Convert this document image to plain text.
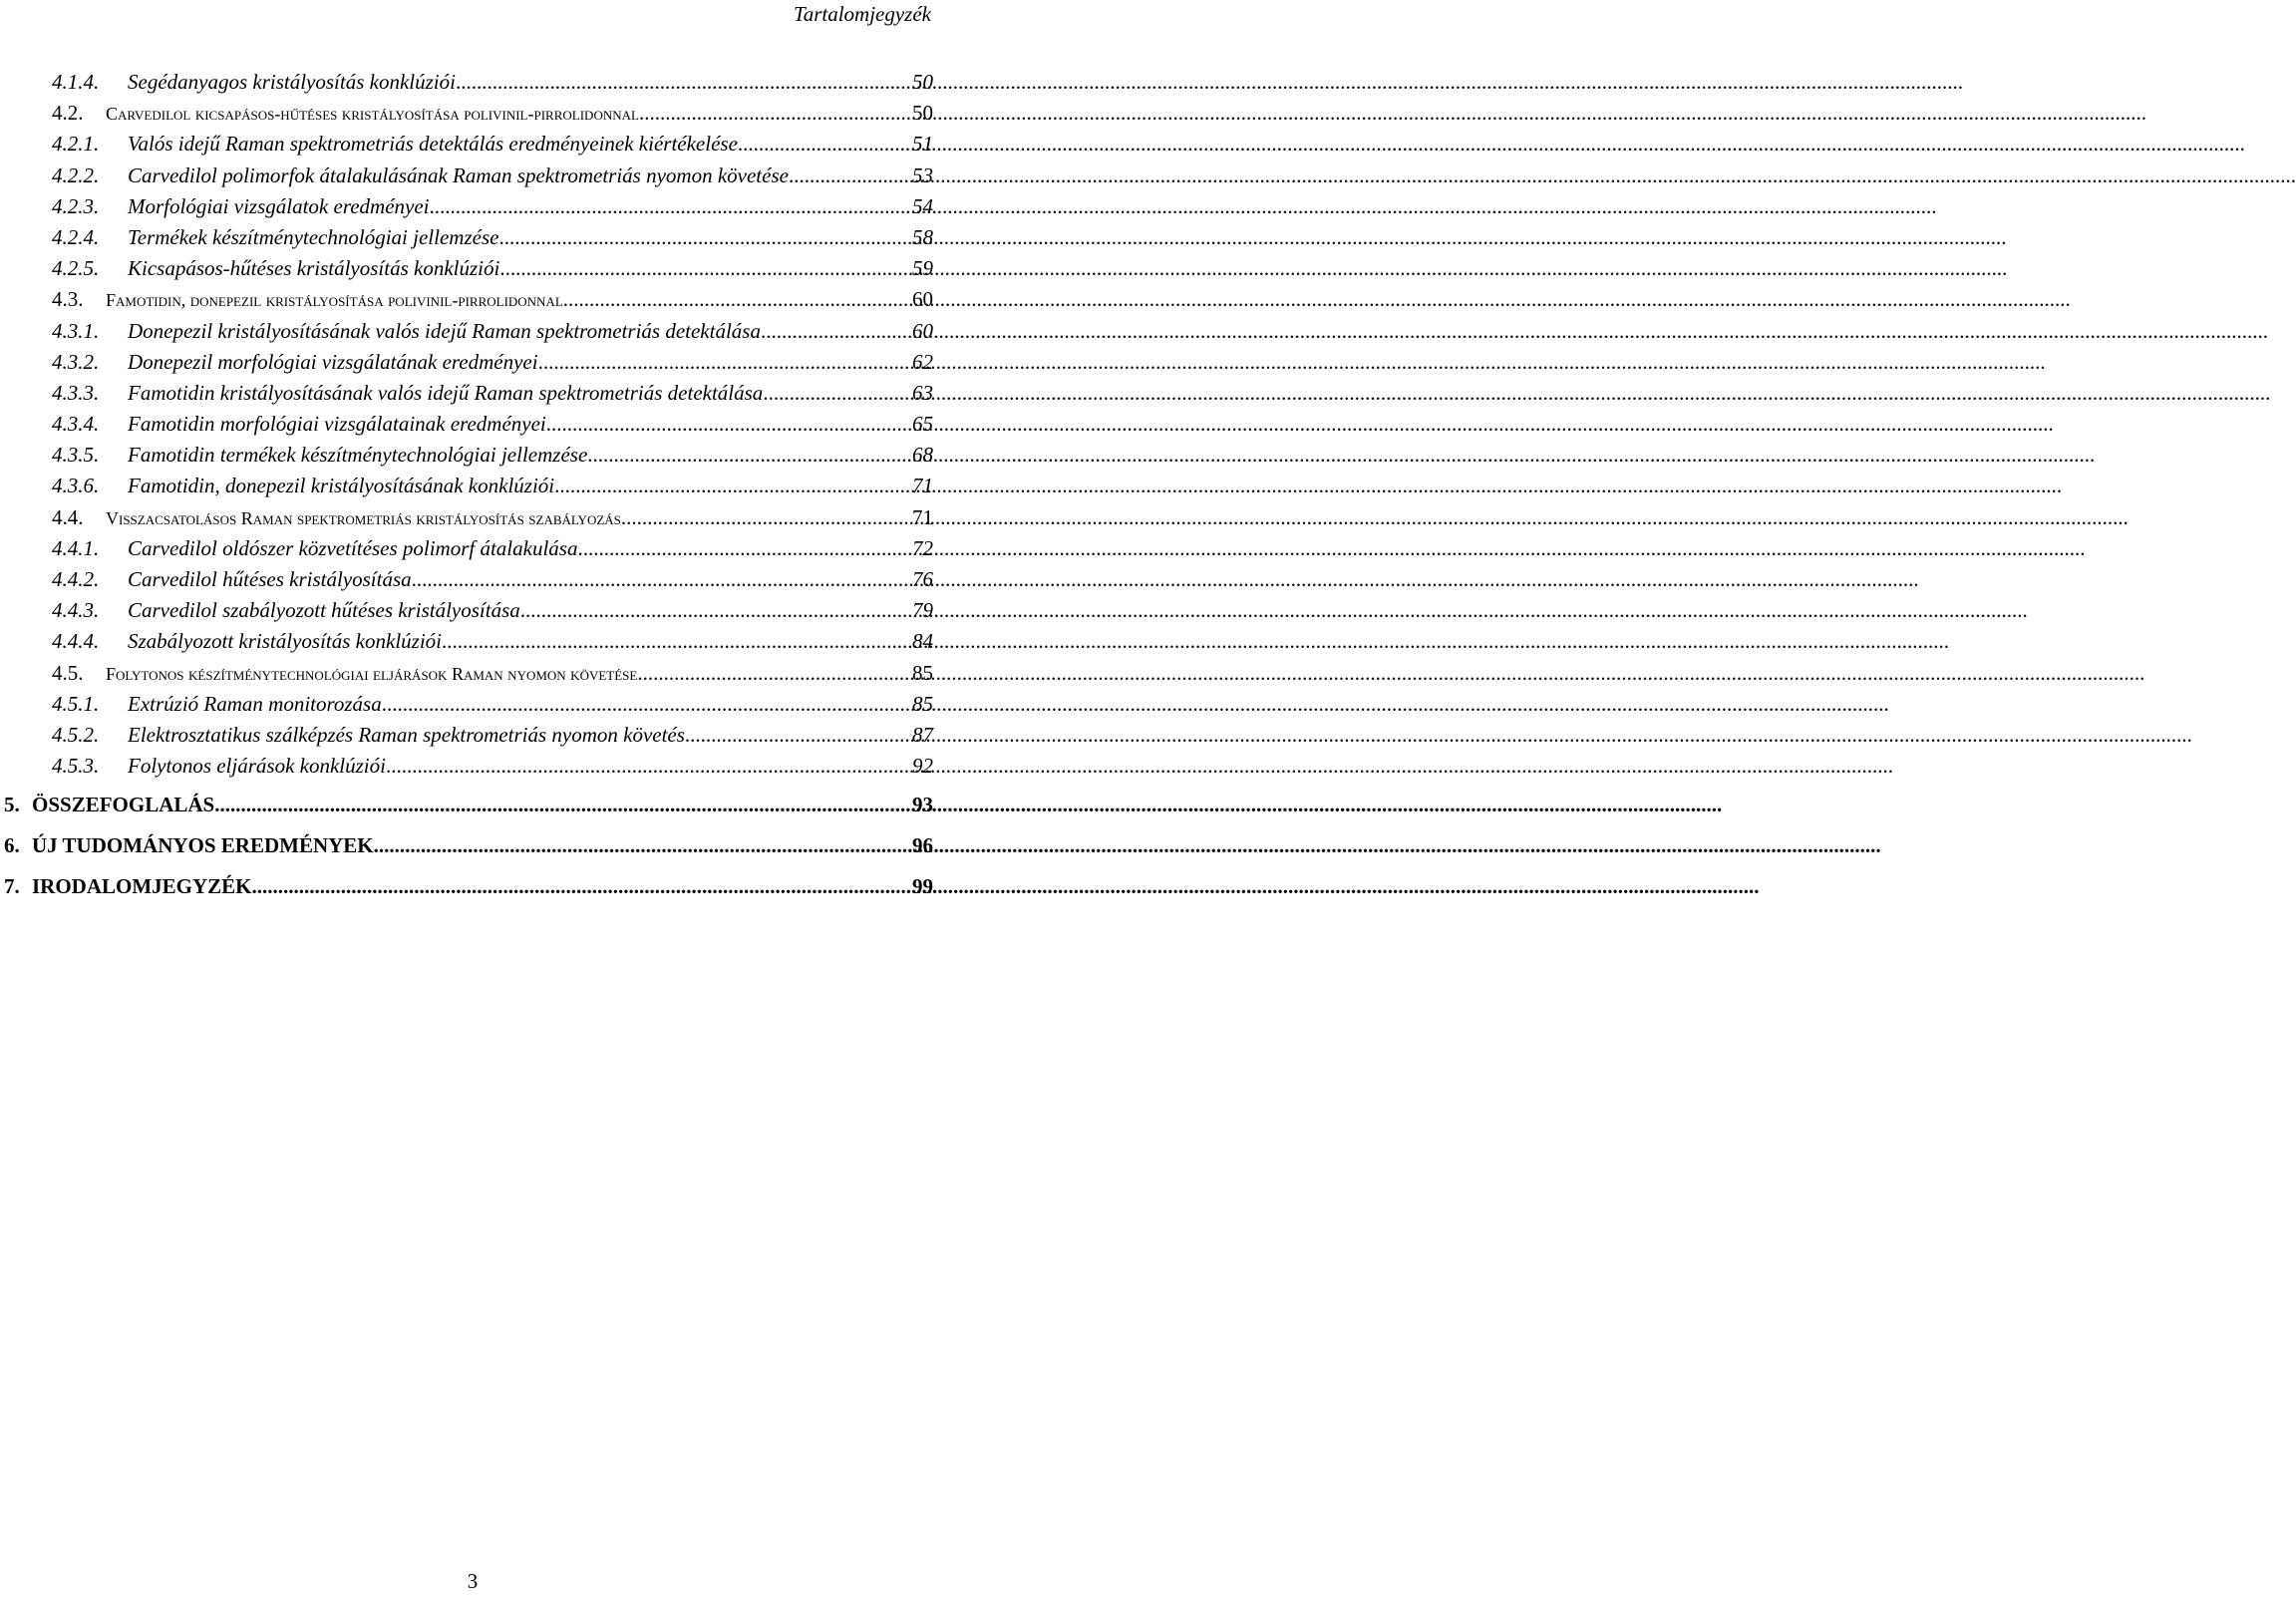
Tartalomjegyzék
4.1.4.	Segédanyagos kristályosítás konklúziói .....	50
4.2.	Carvedilol kicsapásos-hűtéses kristályosítása polivinil-pirrolidonnal .....	50
4.2.1.	Valós idejű Raman spektrometriás detektálás eredményeinek kiértékelése .....	51
4.2.2.	Carvedilol polimorfok átalakulásának Raman spektrometriás nyomon követése .....	53
4.2.3.	Morfológiai vizsgálatok eredményei .....	54
4.2.4.	Termékek készítménytechnológiai jellemzése .....	58
4.2.5.	Kicsapásos-hűtéses kristályosítás konklúziói .....	59
4.3.	Famotidin, donepezil kristályosítása polivinil-pirrolidonnal .....	60
4.3.1.	Donepezil kristályosításának valós idejű Raman spektrometriás detektálása .....	60
4.3.2.	Donepezil morfológiai vizsgálatának eredményei .....	62
4.3.3.	Famotidin kristályosításának valós idejű Raman spektrometriás detektálása .....	63
4.3.4.	Famotidin morfológiai vizsgálatainak eredményei .....	65
4.3.5.	Famotidin termékek készítménytechnológiai jellemzése .....	68
4.3.6.	Famotidin, donepezil kristályosításának konklúziói .....	71
4.4.	Visszacsatolásos Raman spektrometriás kristályosítás szabályozás .....	71
4.4.1.	Carvedilol oldószer közvetítéses polimorf átalakulása .....	72
4.4.2.	Carvedilol hűtéses kristályosítása .....	76
4.4.3.	Carvedilol szabályozott hűtéses kristályosítása .....	79
4.4.4.	Szabályozott kristályosítás konklúziói .....	84
4.5.	Folytonos készítménytechnológiai eljárások Raman nyomon követése .....	85
4.5.1.	Extrúzió Raman monitorozása .....	85
4.5.2.	Elektrosztatikus szálképzés Raman spektrometriás nyomon követés .....	87
4.5.3.	Folytonos eljárások konklúziói .....	92
5. ÖSSZEFOGLALÁS .....	93
6. ÚJ TUDOMÁNYOS EREDMÉNYEK .....	96
7. IRODALOMJEGYZÉK .....	99
3
